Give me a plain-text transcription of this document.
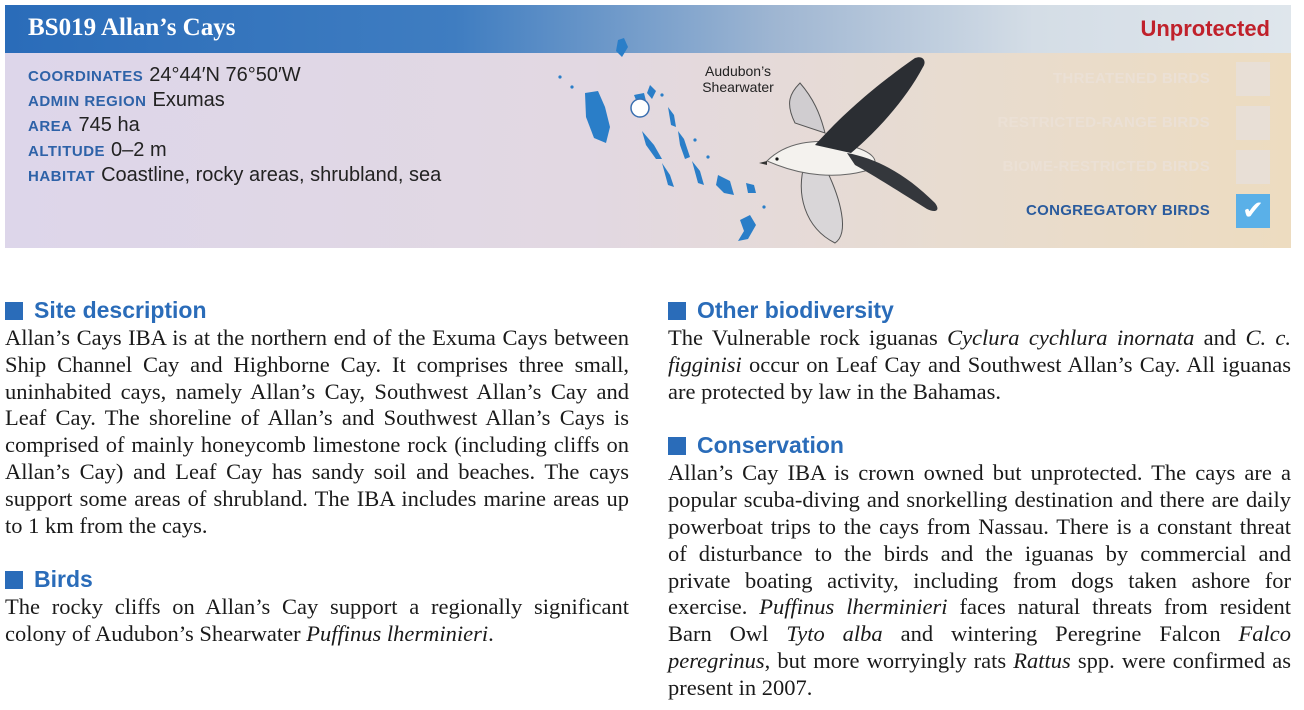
BS019 Allan’s Cays	Unprotected
COORDINATES 24°44′N 76°50′W
ADMIN REGION Exumas
AREA 745 ha
ALTITUDE 0–2 m
HABITAT Coastline, rocky areas, shrubland, sea
Audubon’s
Shearwater	THREATENED BIRDS
RESTRICTED-RANGE BIRDS
BIOME-RESTRICTED BIRDS
CONGREGATORY BIRDS ✔
Site description

Allan’s Cays IBA is at the northern end of the Exuma Cays between Ship Channel Cay and Highborne Cay. It comprises three small, uninhabited cays, namely Allan’s Cay, Southwest Allan’s Cay and Leaf Cay. The shoreline of Allan’s and Southwest Allan’s Cays is comprised of mainly honeycomb limestone rock (including cliffs on Allan’s Cay) and Leaf Cay has sandy soil and beaches. The cays support some areas of shrubland. The IBA includes marine areas up to 1 km from the cays.

Birds

The rocky cliffs on Allan’s Cay support a regionally significant colony of Audubon’s Shearwater Puffinus lherminieri.

Other biodiversity

The Vulnerable rock iguanas Cyclura cychlura inornata and C. c. figginisi occur on Leaf Cay and Southwest Allan’s Cay. All iguanas are protected by law in the Bahamas.

Conservation

Allan’s Cay IBA is crown owned but unprotected. The cays are a popular scuba-diving and snorkelling destination and there are daily powerboat trips to the cays from Nassau. There is a constant threat of disturbance to the birds and the iguanas by commercial and private boating activity, including from dogs taken ashore for exercise. Puffinus lherminieri faces natural threats from resident Barn Owl Tyto alba and wintering Peregrine Falcon Falco peregrinus, but more worryingly rats Rattus spp. were confirmed as present in 2007.
